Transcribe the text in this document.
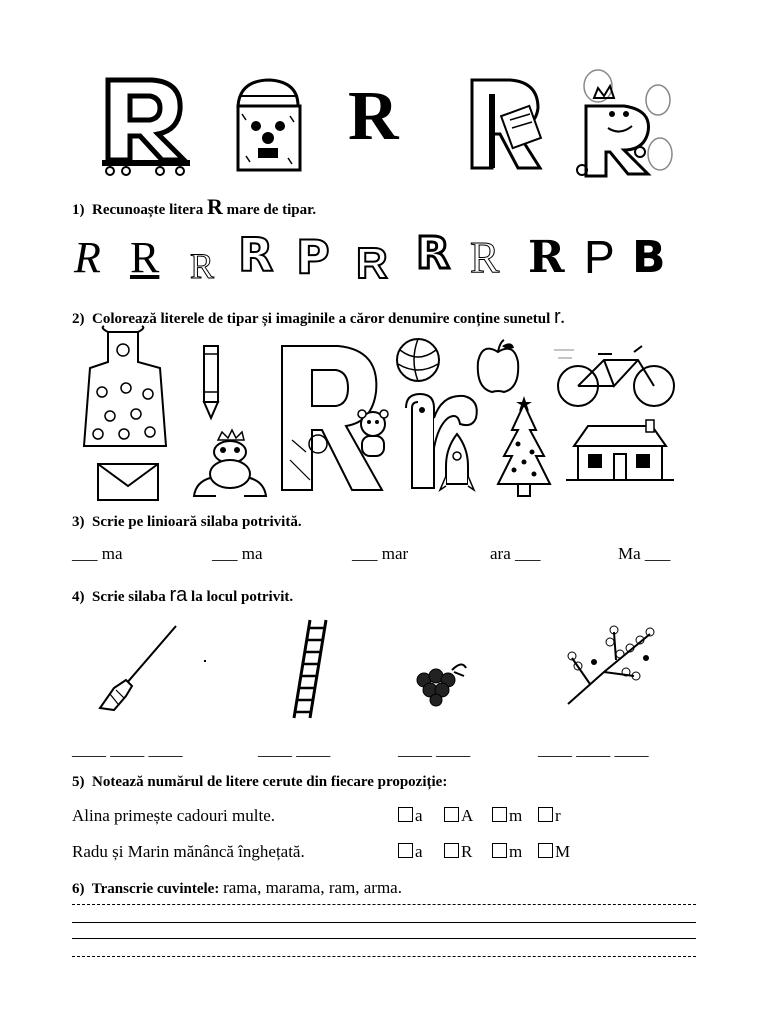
R
1) Recunoaște litera R mare de tipar.
R R R R P R R R R P B
2) Colorează literele de tipar și imaginile a căror denumire conține sunetul r.
3) Scrie pe linioară silaba potrivită.
___ ma	___ ma	___ mar	ara ___	Ma ___
4) Scrie silaba ra la locul potrivit.
____ ____ ____	____ ____	____ ____	____ ____ ____
5) Notează numărul de litere cerute din fiecare propoziție:
Alina primește cadouri multe.	a	A	m	r
Radu și Marin mănâncă înghețată.	a	R	m	M
6) Transcrie cuvintele: rama, marama, ram, arma.
